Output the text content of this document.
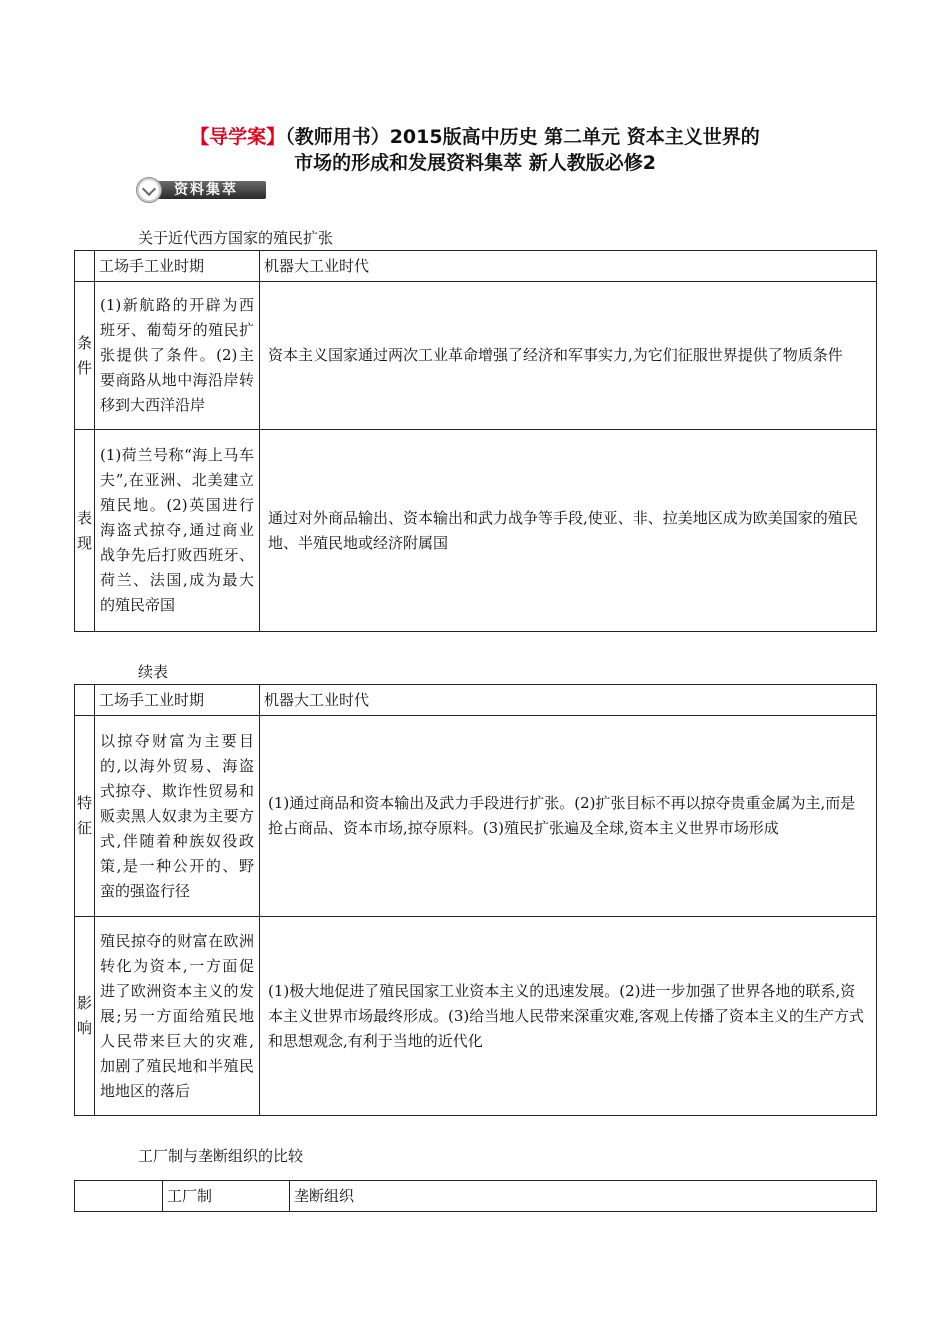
【导学案】（教师用书）2015版高中历史 第二单元 资本主义世界的
市场的形成和发展资料集萃 新人教版必修2
资料集萃
关于近代西方国家的殖民扩张
	工场手工业时期	机器大工业时代
条件	(1)新航路的开辟为西班牙、葡萄牙的殖民扩张提供了条件。(2)主要商路从地中海沿岸转移到大西洋沿岸	资本主义国家通过两次工业革命增强了经济和军事实力,为它们征服世界提供了物质条件
表现	(1)荷兰号称“海上马车夫”,在亚洲、北美建立殖民地。(2)英国进行海盗式掠夺,通过商业战争先后打败西班牙、荷兰、法国,成为最大的殖民帝国	通过对外商品输出、资本输出和武力战争等手段,使亚、非、拉美地区成为欧美国家的殖民地、半殖民地或经济附属国
续表
	工场手工业时期	机器大工业时代
特征	以掠夺财富为主要目的,以海外贸易、海盗式掠夺、欺诈性贸易和贩卖黑人奴隶为主要方式,伴随着种族奴役政策,是一种公开的、野蛮的强盗行径	(1)通过商品和资本输出及武力手段进行扩张。(2)扩张目标不再以掠夺贵重金属为主,而是抢占商品、资本市场,掠夺原料。(3)殖民扩张遍及全球,资本主义世界市场形成
影响	殖民掠夺的财富在欧洲转化为资本,一方面促进了欧洲资本主义的发展;另一方面给殖民地人民带来巨大的灾难,加剧了殖民地和半殖民地地区的落后	(1)极大地促进了殖民国家工业资本主义的迅速发展。(2)进一步加强了世界各地的联系,资本主义世界市场最终形成。(3)给当地人民带来深重灾难,客观上传播了资本主义的生产方式和思想观念,有利于当地的近代化
工厂制与垄断组织的比较
	工厂制	垄断组织
